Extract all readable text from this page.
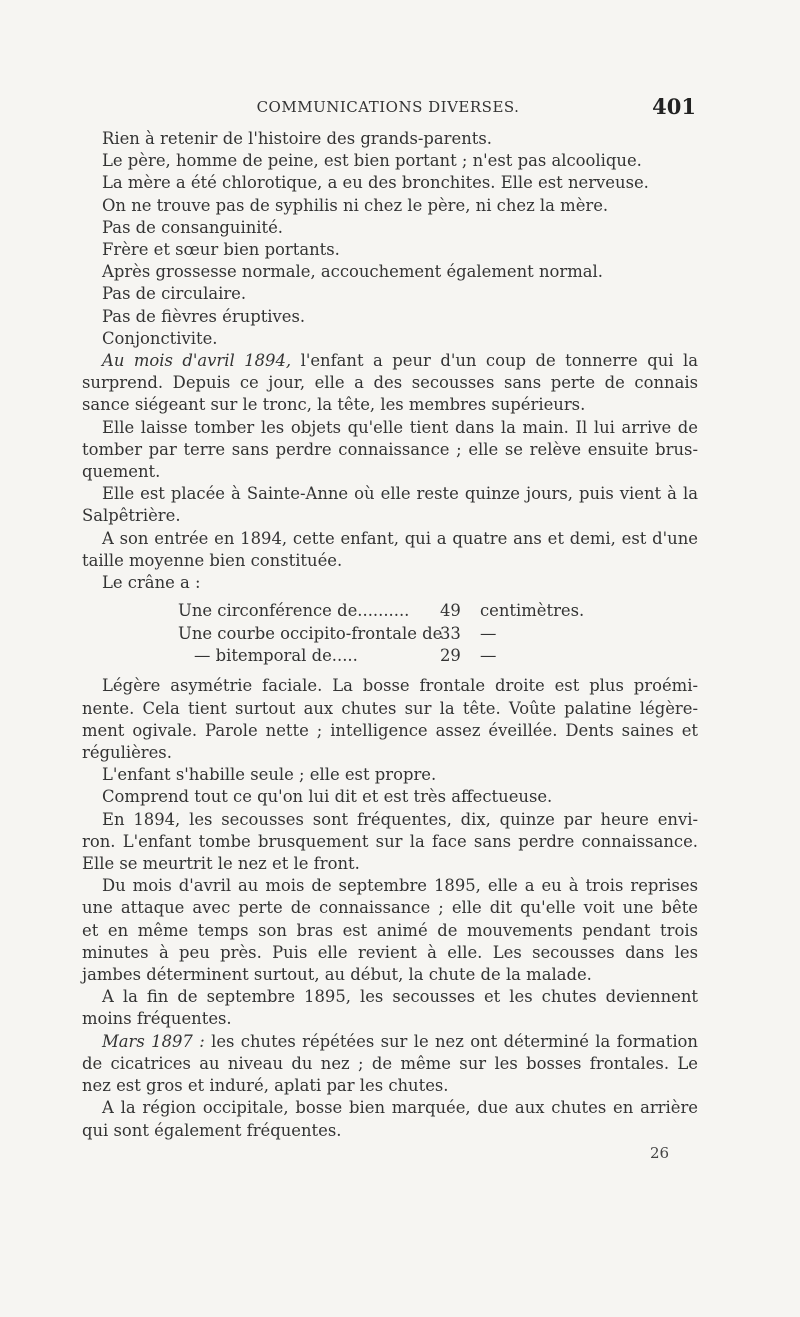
COMMUNICATIONS DIVERSES.	401

Rien à retenir de l'histoire des grands-parents.

Le père, homme de peine, est bien portant ; n'est pas alcoolique.

La mère a été chlorotique, a eu des bronchites. Elle est nerveuse.

On ne trouve pas de syphilis ni chez le père, ni chez la mère.

Pas de consanguinité.

Frère et sœur bien portants.

Après grossesse normale, accouchement également normal.

Pas de circulaire.

Pas de fièvres éruptives.

Conjonctivite.

Au mois d'avril 1894, l'enfant a peur d'un coup de tonnerre qui la

surprend. Depuis ce jour, elle a des secousses sans perte de connais

sance siégeant sur le tronc, la tête, les membres supérieurs.

Elle laisse tomber les objets qu'elle tient dans la main. Il lui arrive de

tomber par terre sans perdre connaissance ; elle se relève ensuite brus-

quement.

Elle est placée à Sainte-Anne où elle reste quinze jours, puis vient à la

Salpêtrière.

A son entrée en 1894, cette enfant, qui a quatre ans et demi, est d'une

taille moyenne bien constituée.

Le crâne a :

Une circonférence de.......... 49 centimètres.
Une courbe occipito-frontale de
33 —
— bitemporal de.....	29 —

Légère asymétrie faciale. La bosse frontale droite est plus proémi-

nente. Cela tient surtout aux chutes sur la tête. Voûte palatine légère-

ment ogivale. Parole nette ; intelligence assez éveillée. Dents saines et

régulières.

L'enfant s'habille seule ; elle est propre.

Comprend tout ce qu'on lui dit et est très affectueuse.

En 1894, les secousses sont fréquentes, dix, quinze par heure envi-

ron. L'enfant tombe brusquement sur la face sans perdre connaissance.

Elle se meurtrit le nez et le front.

Du mois d'avril au mois de septembre 1895, elle a eu à trois reprises

une attaque avec perte de connaissance ; elle dit qu'elle voit une bête

et en même temps son bras est animé de mouvements pendant trois

minutes à peu près. Puis elle revient à elle. Les secousses dans les

jambes déterminent surtout, au début, la chute de la malade.

A la fin de septembre 1895, les secousses et les chutes deviennent

moins fréquentes.

Mars 1897 : les chutes répétées sur le nez ont déterminé la formation

de cicatrices au niveau du nez ; de même sur les bosses frontales. Le

nez est gros et induré, aplati par les chutes.

A la région occipitale, bosse bien marquée, due aux chutes en arrière

qui sont également fréquentes.

26
